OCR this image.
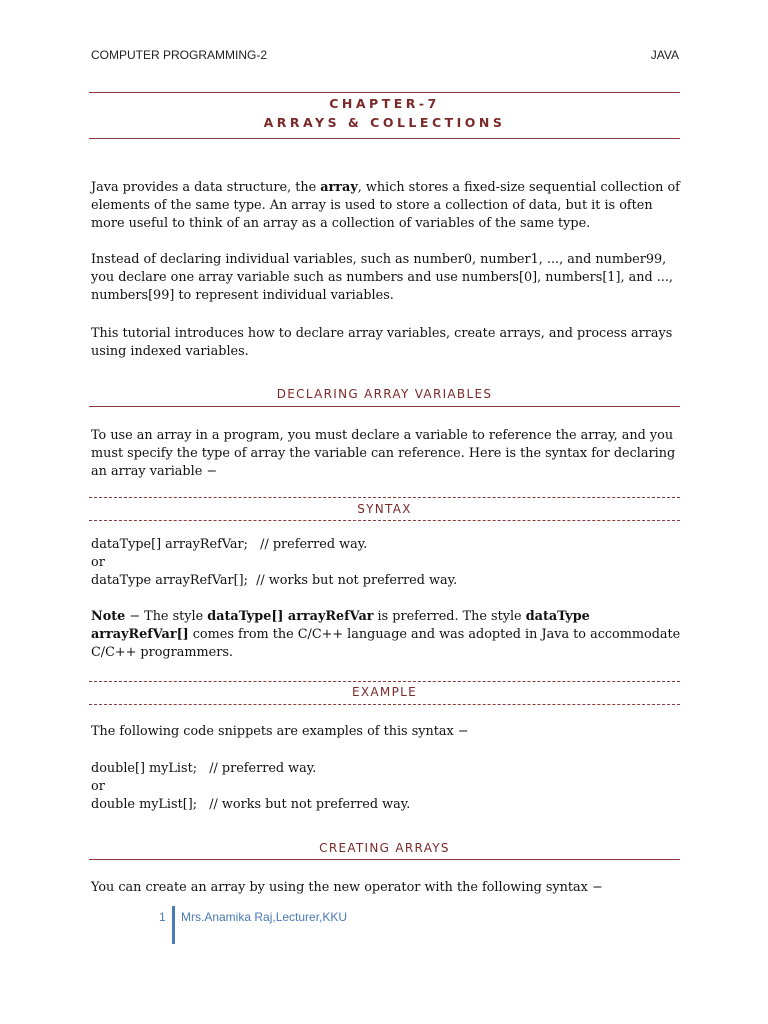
COMPUTER PROGRAMMING-2	JAVA
CHAPTER-7
ARRAYS & COLLECTIONS

Java provides a data structure, the array, which stores a fixed-size sequential collection of elements of the same type. An array is used to store a collection of data, but it is often more useful to think of an array as a collection of variables of the same type.

Instead of declaring individual variables, such as number0, number1, ..., and number99, you declare one array variable such as numbers and use numbers[0], numbers[1], and ..., numbers[99] to represent individual variables.

This tutorial introduces how to declare array variables, create arrays, and process arrays using indexed variables.

DECLARING ARRAY VARIABLES

To use an array in a program, you must declare a variable to reference the array, and you must specify the type of array the variable can reference. Here is the syntax for declaring an array variable −

SYNTAX
dataType[] arrayRefVar;   // preferred way.
or
dataType arrayRefVar[];  // works but not preferred way.

Note − The style dataType[] arrayRefVar is preferred. The style dataType arrayRefVar[] comes from the C/C++ language and was adopted in Java to accommodate C/C++ programmers.

EXAMPLE

The following code snippets are examples of this syntax −

double[] myList;   // preferred way.
or
double myList[];   // works but not preferred way.
CREATING ARRAYS

You can create an array by using the new operator with the following syntax −

1 Mrs.Anamika Raj,Lecturer,KKU
